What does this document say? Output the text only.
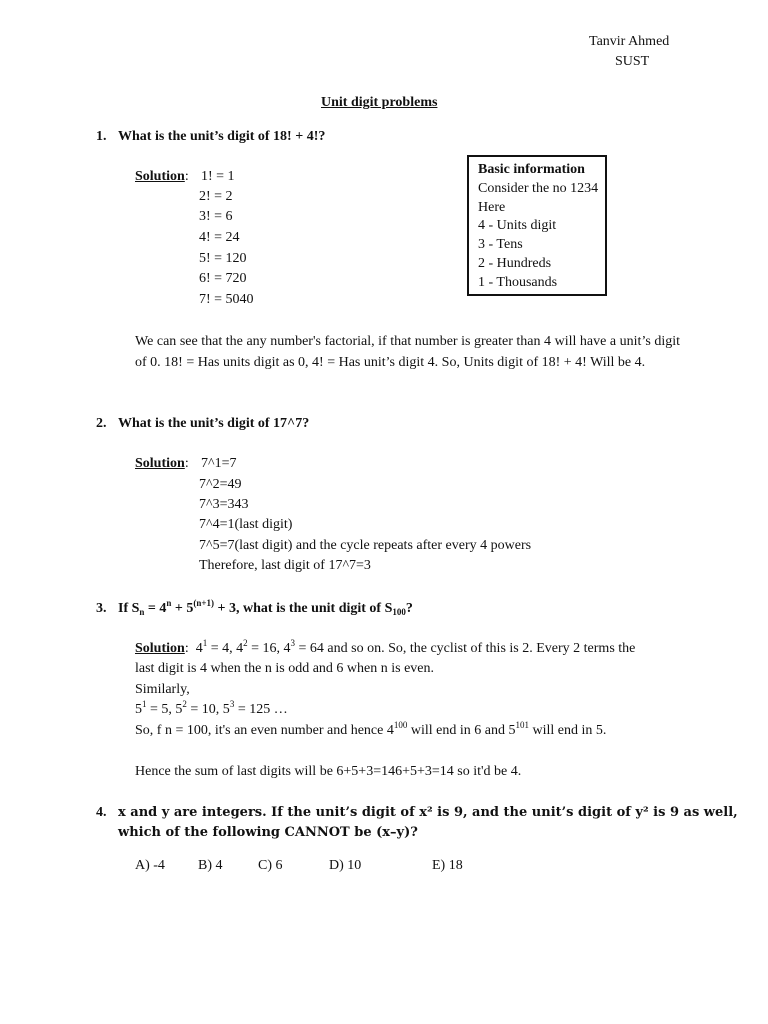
Tanvir Ahmed
SUST
Unit digit problems
1. What is the unit’s digit of 18! + 4!?
Solution: 1! = 1
2! = 2
3! = 6
4! = 24
5! = 120
6! = 720
7! = 5040
Basic information
Consider the no 1234
Here
4 - Units digit
3 - Tens
2 - Hundreds
1 - Thousands
We can see that the any number's factorial, if that number is greater than 4 will have a unit’s digit of 0. 18! = Has units digit as 0, 4! = Has unit’s digit 4. So, Units digit of 18! + 4! Will be 4.
2. What is the unit’s digit of 17^7?
Solution: 7^1=7
7^2=49
7^3=343
7^4=1(last digit)
7^5=7(last digit) and the cycle repeats after every 4 powers
Therefore, last digit of 17^7=3
3. If $S_n = 4^n + 5^{(n+1)} + 3$, what is the unit digit of $S_{100}$?
Solution:  $4^1 = 4$, $4^2 = 16$, $4^3 = 64$ and so on. So, the cyclist of this is 2. Every 2 terms the
last digit is 4 when the n is odd and 6 when n is even.
Similarly,
$5^1 = 5$, $5^2 = 10$, $5^3 = 125$ …
So, f n = 100, it's an even number and hence $4^{100}$ will end in 6 and $5^{101}$ will end in 5.
Hence the sum of last digits will be 6+5+3=146+5+3=14 so it'd be 4.
4. x and y are integers. If the unit’s digit of x² is 9, and the unit’s digit of y² is 9 as well,
which of the following CANNOT be (x–y)?
A) -4 B) 4	C) 6	D) 10	E) 18
